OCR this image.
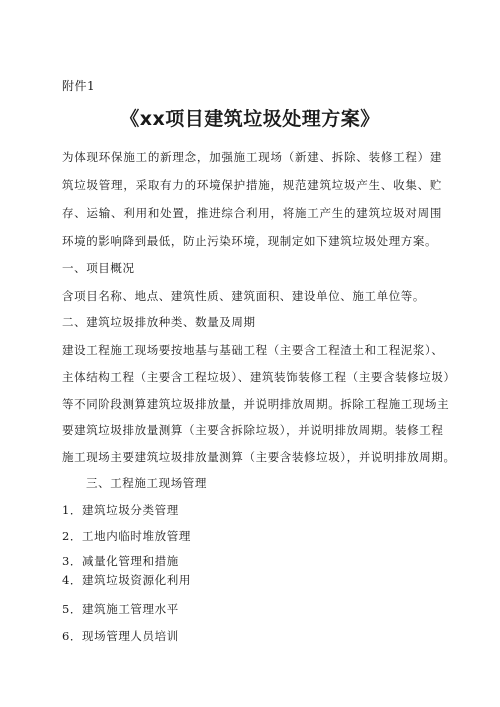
附件1
《xx项目建筑垃圾处理方案》
为体现环保施工的新理念，加强施工现场（新建、拆除、装修工程）建筑垃圾管理，采取有力的环境保护措施，规范建筑垃圾产生、收集、贮存、运输、利用和处置，推进综合利用，将施工产生的建筑垃圾对周围环境的影响降到最低，防止污染环境，现制定如下建筑垃圾处理方案。
一、项目概况
含项目名称、地点、建筑性质、建筑面积、建设单位、施工单位等。
二、建筑垃圾排放种类、数量及周期
建设工程施工现场要按地基与基础工程（主要含工程渣土和工程泥浆）、
主体结构工程（主要含工程垃圾）、建筑装饰装修工程（主要含装修垃圾）
等不同阶段测算建筑垃圾排放量，并说明排放周期。拆除工程施工现场主
要建筑垃圾排放量测算（主要含拆除垃圾），并说明排放周期。装修工程
施工现场主要建筑垃圾排放量测算（主要含装修垃圾），并说明排放周期。
三、工程施工现场管理
1．建筑垃圾分类管理
2．工地内临时堆放管理
3．减量化管理和措施
4．建筑垃圾资源化利用
5．建筑施工管理水平
6．现场管理人员培训
